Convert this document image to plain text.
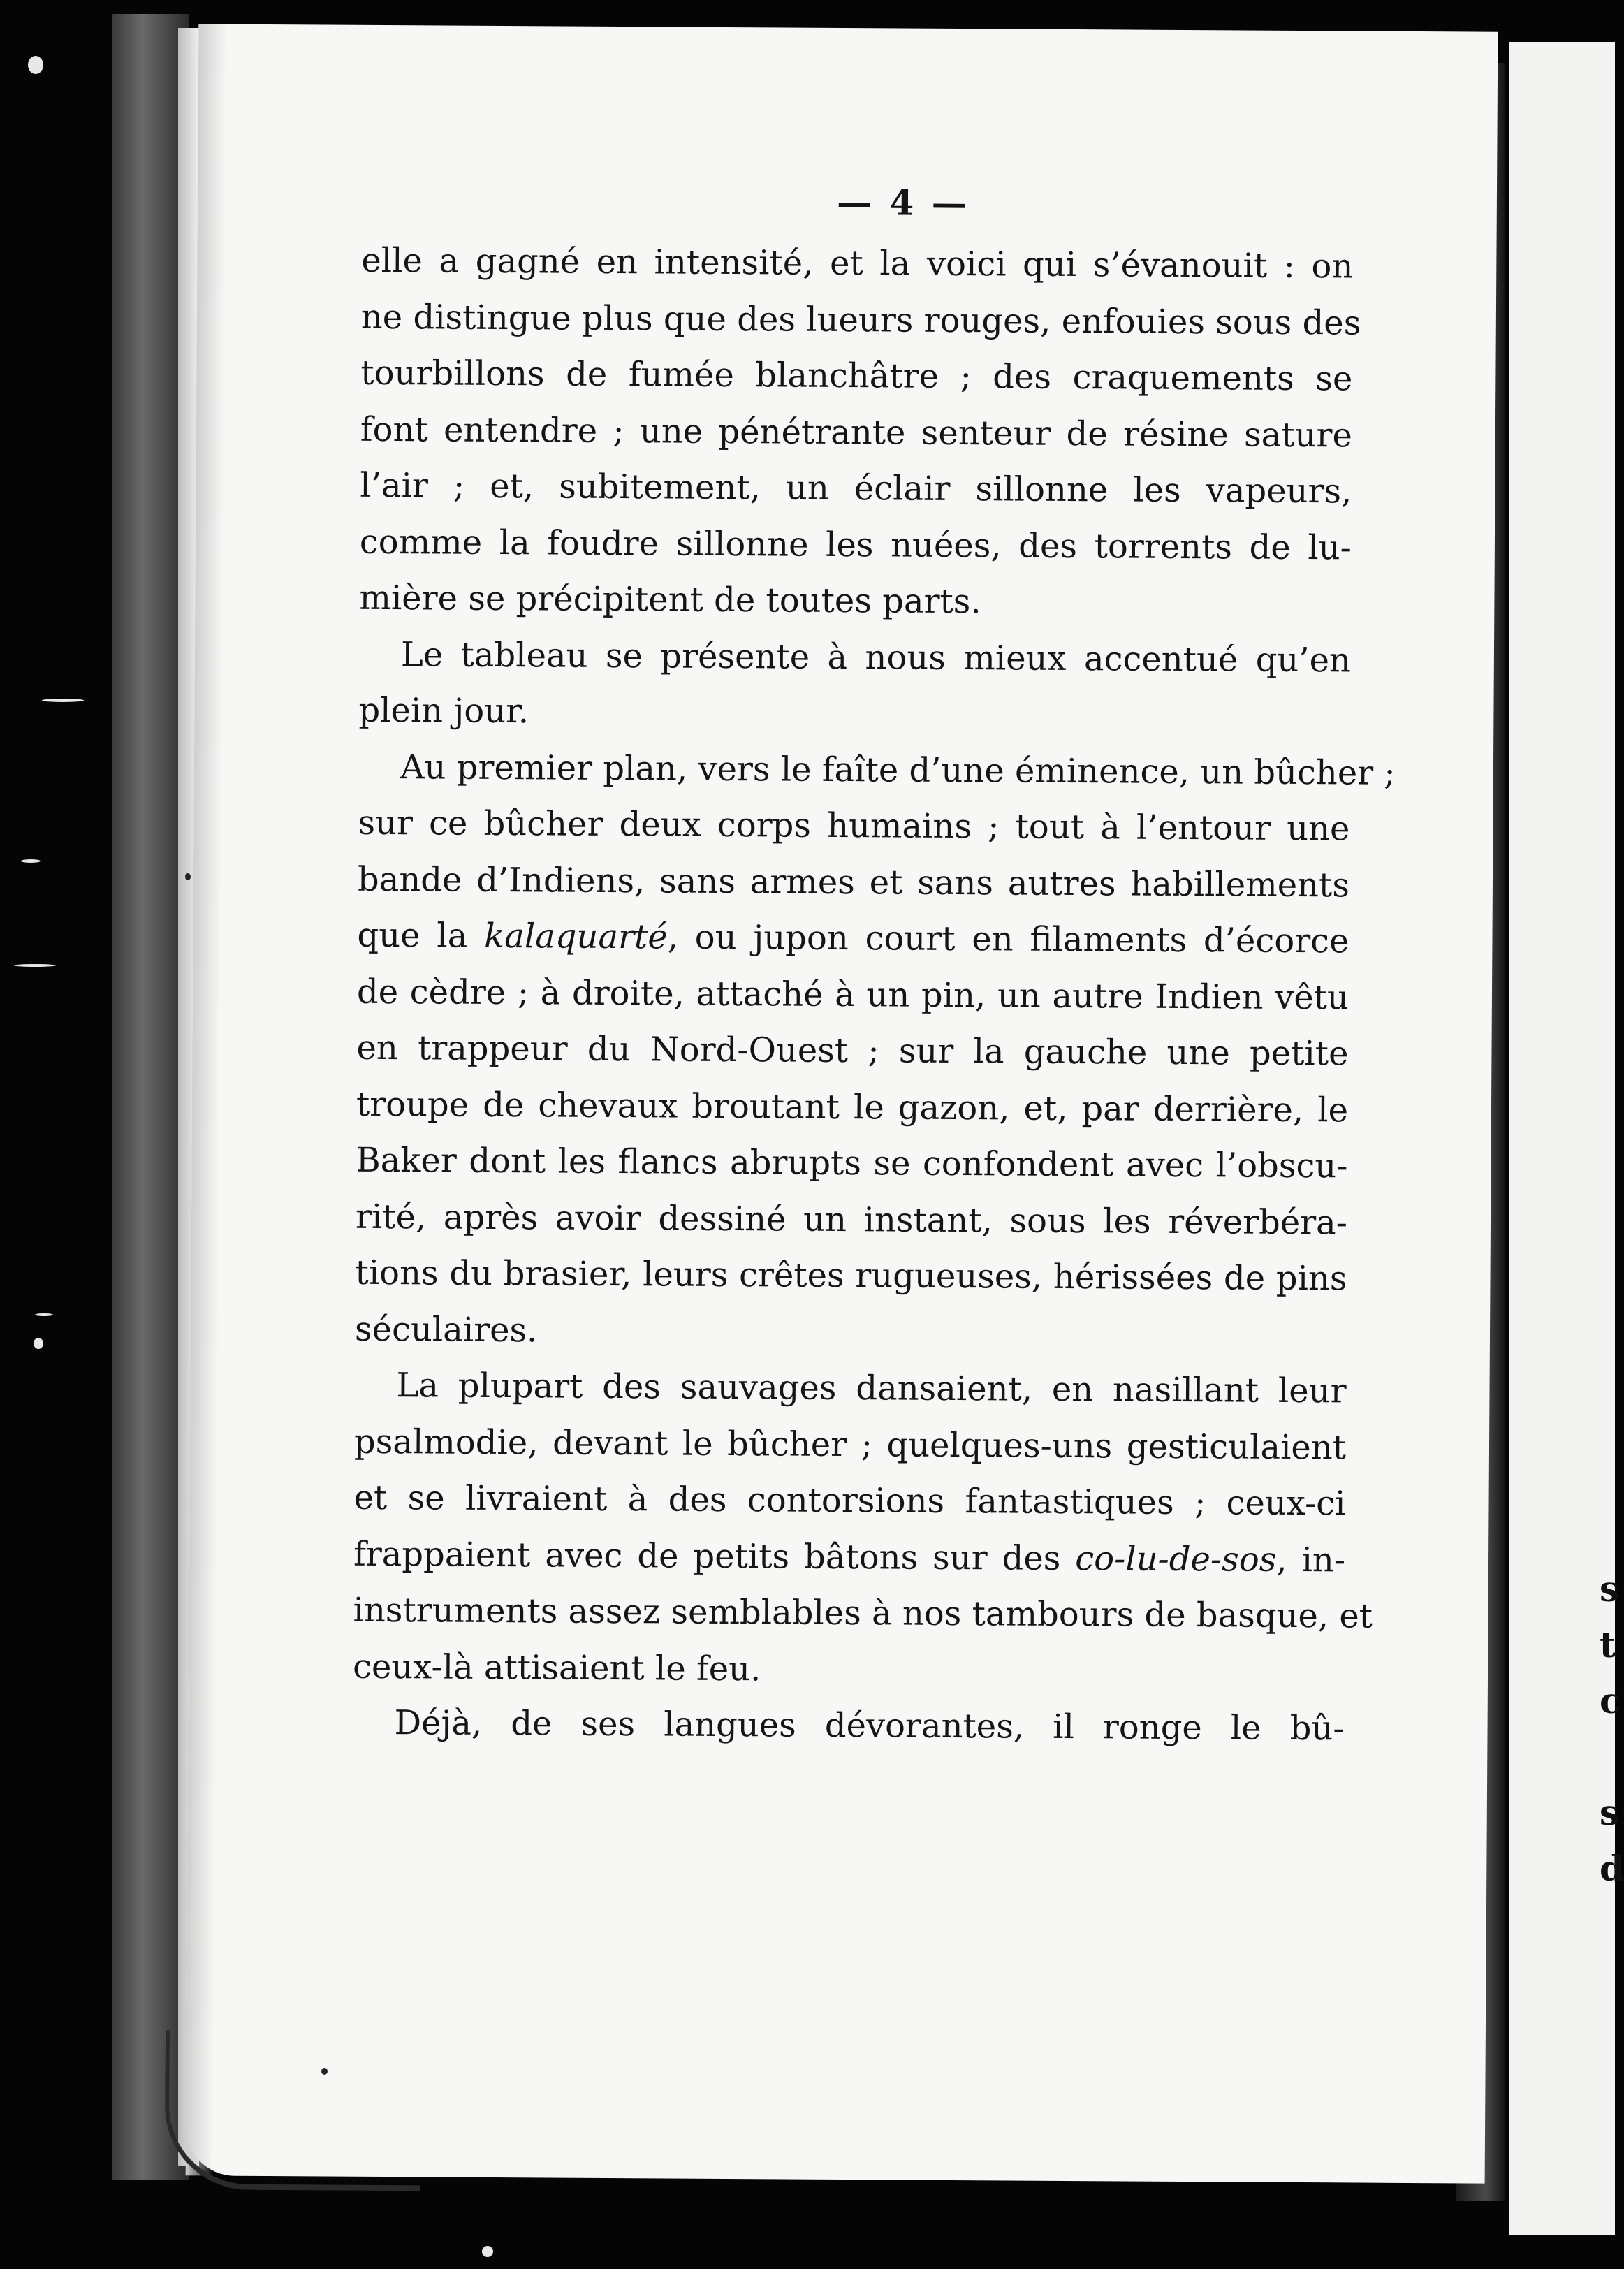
s
t
c
s
d
— 4 —
elle a gagné en intensité, et la voici qui s’évanouit : on
ne distingue plus que des lueurs rouges, enfouies sous des
tourbillons de fumée blanchâtre ; des craquements se
font entendre ; une pénétrante senteur de résine sature
l’air ; et, subitement, un éclair sillonne les vapeurs,
comme la foudre sillonne les nuées, des torrents de lu-
mière se précipitent de toutes parts.
Le tableau se présente à nous mieux accentué qu’en
plein jour.
Au premier plan, vers le faîte d’une éminence, un bûcher ;
sur ce bûcher deux corps humains ; tout à l’entour une
bande d’Indiens, sans armes et sans autres habillements
que la kalaquarté, ou jupon court en filaments d’écorce
de cèdre ; à droite, attaché à un pin, un autre Indien vêtu
en trappeur du Nord-Ouest ; sur la gauche une petite
troupe de chevaux broutant le gazon, et, par derrière, le
Baker dont les flancs abrupts se confondent avec l’obscu-
rité, après avoir dessiné un instant, sous les réverbéra-
tions du brasier, leurs crêtes rugueuses, hérissées de pins
séculaires.
La plupart des sauvages dansaient, en nasillant leur
psalmodie, devant le bûcher ; quelques-uns gesticulaient
et se livraient à des contorsions fantastiques ; ceux-ci
frappaient avec de petits bâtons sur des co-lu-de-sos, in-
instruments assez semblables à nos tambours de basque, et
ceux-là attisaient le feu.
Déjà, de ses langues dévorantes, il ronge le bû-
